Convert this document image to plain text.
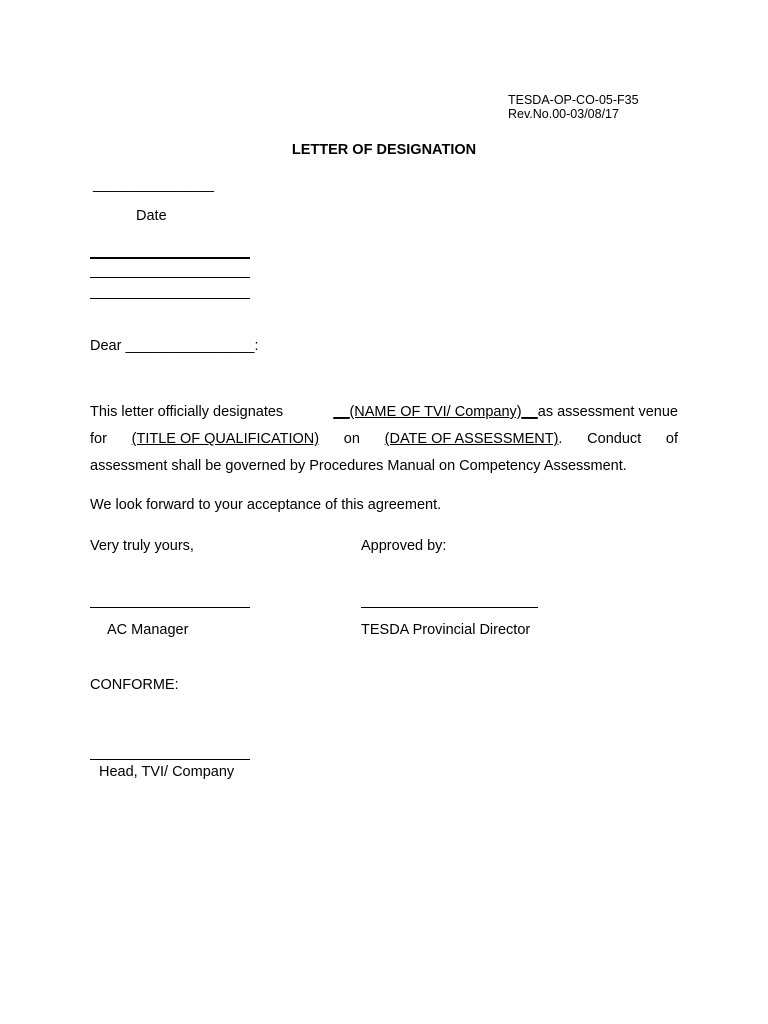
TESDA-OP-CO-05-F35
Rev.No.00-03/08/17
LETTER OF DESIGNATION
_______________
Date
Dear ________________:
This letter officially designates	__(NAME OF TVI/ Company)__as assessment venue
for (TITLE OF QUALIFICATION) on (DATE OF ASSESSMENT). Conduct of
assessment shall be governed by Procedures Manual on Competency Assessment.
We look forward to your acceptance of this agreement.
Very truly yours,	Approved by:
AC Manager	TESDA Provincial Director
CONFORME:
Head, TVI/ Company
